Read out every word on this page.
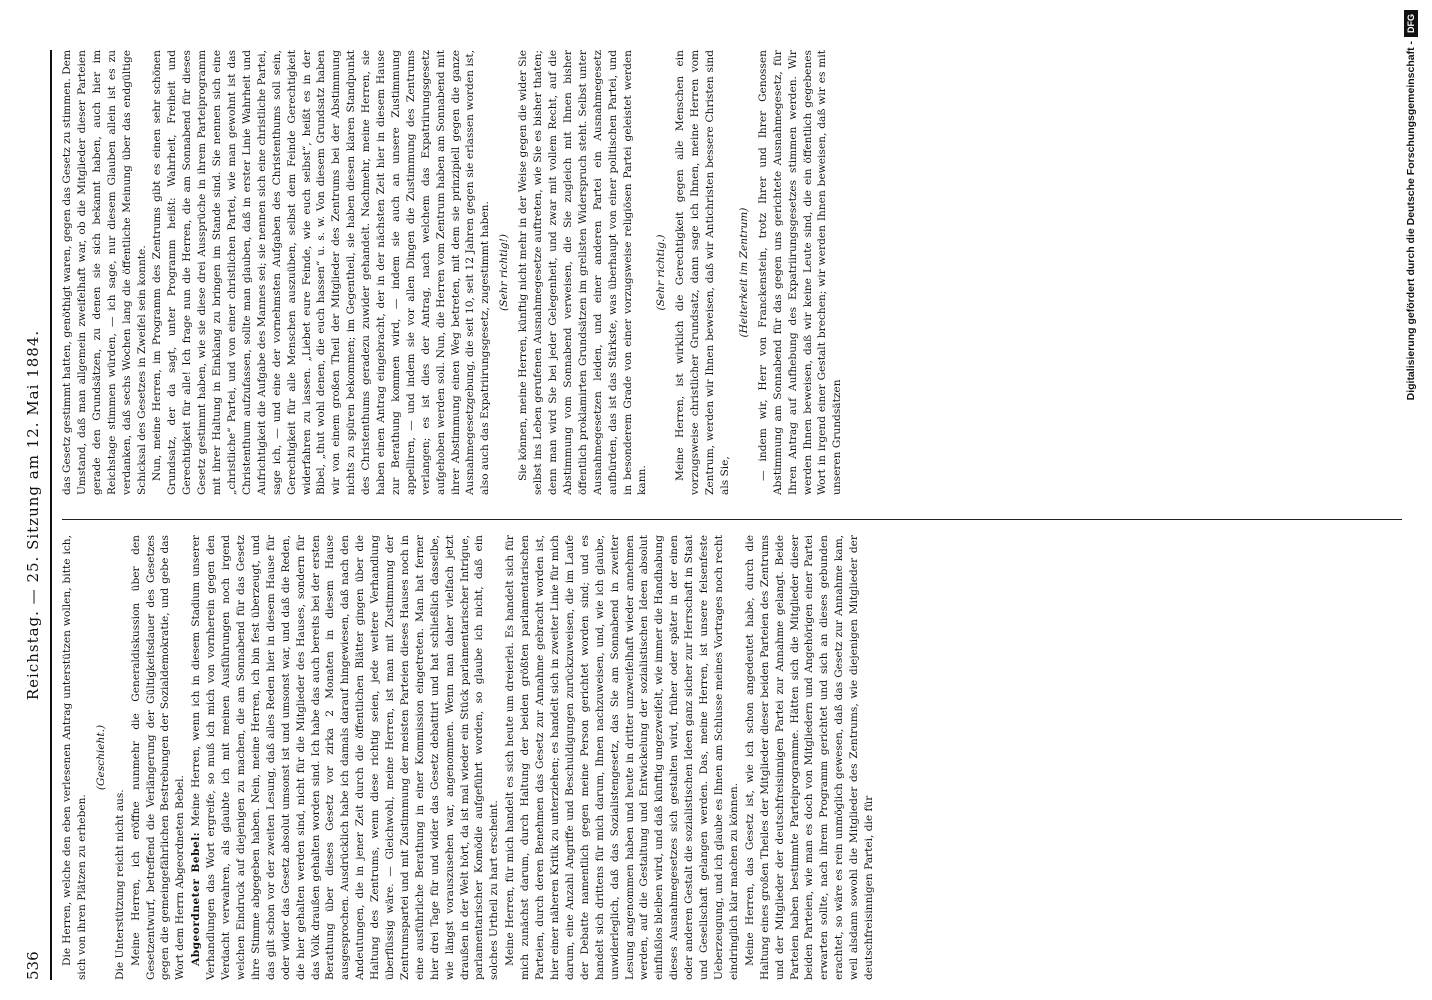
536
Reichstag. — 25. Sitzung am 12. Mai 1884.

Die Herren, welche den eben verlesenen Antrag unterstützen wollen, bitte ich, sich von ihren Plätzen zu erheben.

(Geschieht.)

Die Unterstützung reicht nicht aus. Meine Herren, ich eröffne nunmehr die Generaldiskussion über den Gesetzentwurf, betreffend die Verlängerung der Gültigkeitsdauer des Gesetzes gegen die gemeingefährlichen Bestrebungen der Sozialdemokratie, und gebe das Wort dem Herrn Abgeordneten Bebel. Abgeordneter Bebel: Meine Herren, wenn ich in diesem Stadium unserer Verhandlungen das Wort ergreife, so muß ich mich von vornherein gegen den Verdacht verwahren, als glaubte ich mit meinen Ausführungen noch irgend welchen Eindruck auf diejenigen zu machen, die am Sonnabend für das Gesetz ihre Stimme abgegeben haben. Nein, meine Herren, ich bin fest überzeugt, und das gilt schon vor der zweiten Lesung, daß alles Reden hier in diesem Hause für oder wider das Gesetz absolut umsonst ist und umsonst war, und daß die Reden, die hier gehalten werden sind, nicht für die Mitglieder des Hauses, sondern für das Volk draußen gehalten worden sind. Ich habe das auch bereits bei der ersten Berathung über dieses Gesetz vor zirka 2 Monaten in diesem Hause ausgesprochen. Ausdrücklich habe ich damals darauf hingewiesen, daß nach den Andeutungen, die in jener Zeit durch die öffentlichen Blätter gingen über die Haltung des Zentrums, wenn diese richtig seien, jede weitere Verhandlung überflüssig wäre. — Gleichwohl, meine Herren, ist man mit Zustimmung der Zentrumspartei und mit Zustimmung der meisten Parteien dieses Hauses noch in eine ausführliche Berathung in einer Kommission eingetreten. Man hat ferner hier drei Tage für und wider das Gesetz debattirt und hat schließlich dasselbe, wie längst vorauszusehen war, angenommen. Wenn man daher vielfach jetzt draußen in der Welt hört, da ist mal wieder ein Stück parlamentarischer Intrigue, parlamentarischer Komödie aufgeführt worden, so glaube ich nicht, daß ein solches Urtheil zu hart erscheint. Meine Herren, für mich handelt es sich heute um dreierlei. Es handelt sich für mich zunächst darum, durch Haltung der beiden größten parlamentarischen Parteien, durch deren Benehmen das Gesetz zur Annahme gebracht worden ist, hier einer näheren Kritik zu unterziehen; es handelt sich in zweiter Linie für mich darum, eine Anzahl Angriffe und Beschuldigungen zurückzuweisen, die im Laufe der Debatte namentlich gegen meine Person gerichtet worden sind; und es handelt sich drittens für mich darum, Ihnen nachzuweisen, und, wie ich glaube, unwiderleglich, daß das Sozialistengesetz, das Sie am Sonnabend in zweiter Lesung angenommen haben und heute in dritter unzweifelhaft wieder annehmen werden, auf die Gestaltung und Entwickelung der sozialistischen Ideen absolut einflußlos bleiben wird, und daß künftig ungezweifelt, wie immer die Handhabung dieses Ausnahmegesetzes sich gestalten wird, früher oder später in der einen oder anderen Gestalt die sozialistischen Ideen ganz sicher zur Herrschaft in Staat und Gesellschaft gelangen werden. Das, meine Herren, ist unsere felsenfeste Ueberzeugung, und ich glaube es Ihnen am Schlusse meines Vortrages noch recht eindringlich klar machen zu können. Meine Herren, das Gesetz ist, wie ich schon angedeutet habe, durch die Haltung eines großen Theiles der Mitglieder dieser beiden Parteien des Zentrums und der Mitglieder der deutschfreisinnigen Partei zur Annahme gelangt. Beide Parteien haben bestimmte Parteiprogramme. Hätten sich die Mitglieder dieser beiden Parteien, wie man es doch von Mitgliedern und Angehörigen einer Partei erwarten sollte, nach ihrem Programm gerichtet und sich an dieses gebunden erachtet, so wäre es rein unmöglich gewesen, daß das Gesetz zur Annahme kam, weil alsdann sowohl die Mitglieder des Zentrums, wie diejenigen Mitglieder der deutschfreisinnigen Partei, die für

das Gesetz gestimmt hatten, genöthigt waren, gegen das Gesetz zu stimmen. Dem Umstand, daß man allgemein zweifelhaft war, ob die Mitglieder dieser Parteien gerade den Grundsätzen, zu denen sie sich bekannt haben, auch hier im Reichstage stimmen würden, — ich sage, nur diesem Glauben allein ist es zu verdanken, daß sechs Wochen lang die öffentliche Meinung über das endgültige Schicksal des Gesetzes in Zweifel sein konnte. Nun, meine Herren, im Programm des Zentrums gibt es einen sehr schönen Grundsatz, der da sagt, unter Programm heißt: Wahrheit, Freiheit und Gerechtigkeit für alle! Ich frage nun die Herren, die am Sonnabend für dieses Gesetz gestimmt haben, wie sie diese drei Aussprüche in ihrem Parteiprogramm mit ihrer Haltung in Einklang zu bringen im Stande sind. Sie nennen sich eine „christliche“ Partei, und von einer christlichen Partei, wie man gewohnt ist das Christenthum aufzufassen, sollte man glauben, daß in erster Linie Wahrheit und Aufrichtigkeit die Aufgabe des Mannes sei; sie nennen sich eine christliche Partei, sage ich, — und eine der vornehmsten Aufgaben des Christenthums soll sein, Gerechtigkeit für alle Menschen auszuüben, selbst dem Feinde Gerechtigkeit widerfahren zu lassen. „Liebet eure Feinde, wie euch selbst“, heißt es in der Bibel, „thut wohl denen, die euch hassen“ u. s. w. Von diesem Grundsatz haben wir von einem großen Theil der Mitglieder des Zentrums bei der Abstimmung nichts zu spüren bekommen; im Gegentheil, sie haben diesen klaren Standpunkt des Christenthums geradezu zuwider gehandelt. Nachmehr, meine Herren, sie haben einen Antrag eingebracht, der in der nächsten Zeit hier in diesem Hause zur Berathung kommen wird, — indem sie auch an unsere Zustimmung appelliren, — und indem sie vor allen Dingen die Zustimmung des Zentrums verlangen; es ist dies der Antrag, nach welchem das Expatriirungsgesetz aufgehoben werden soll. Nun, die Herren vom Zentrum haben am Sonnabend mit ihrer Abstimmung einen Weg betreten, mit dem sie prinzipiell gegen die ganze Ausnahmegesetzgebung, die seit 10, seit 12 Jahren gegen sie erlassen worden ist, also auch das Expatriirungsgesetz, zugestimmt haben. (Sehr richtig!) Sie können, meine Herren, künftig nicht mehr in der Weise gegen die wider Sie selbst ins Leben gerufenen Ausnahmegesetze auftreten, wie Sie es bisher thaten; denn man wird Sie bei jeder Gelegenheit, und zwar mit vollem Recht, auf die Abstimmung vom Sonnabend verweisen, die Sie zugleich mit Ihnen bisher öffentlich proklamirten Grundsätzen im grellsten Widerspruch steht. Selbst unter Ausnahmegesetzen leiden, und einer anderen Partei ein Ausnahmegesetz aufbürden, das ist das Stärkste, was überhaupt von einer politischen Partei, und in besonderem Grade von einer vorzugsweise religiösen Partei geleistet werden kann.

(Sehr richtig.) Meine Herren, ist wirklich die Gerechtigkeit gegen alle Menschen ein vorzugsweise christlicher Grundsatz, dann sage ich Ihnen, meine Herren vom Zentrum, werden wir Ihnen beweisen, daß wir Antichristen bessere Christen sind als Sie,

(Heiterkeit im Zentrum) — indem wir, Herr von Franckenstein, trotz Ihrer und Ihrer Genossen Abstimmung am Sonnabend für das gegen uns gerichtete Ausnahmegesetz, für Ihren Antrag auf Aufhebung des Expatriirungsgesetzes stimmen werden. Wir werden Ihnen beweisen, daß wir keine Leute sind, die ein öffentlich gegebenes Wort in irgend einer Gestalt brechen; wir werden Ihnen beweisen, daß wir es mit unseren Grundsätzen

Digitalisierung gefördert durch die Deutsche Forschungsgemeinschaft -
DFG
